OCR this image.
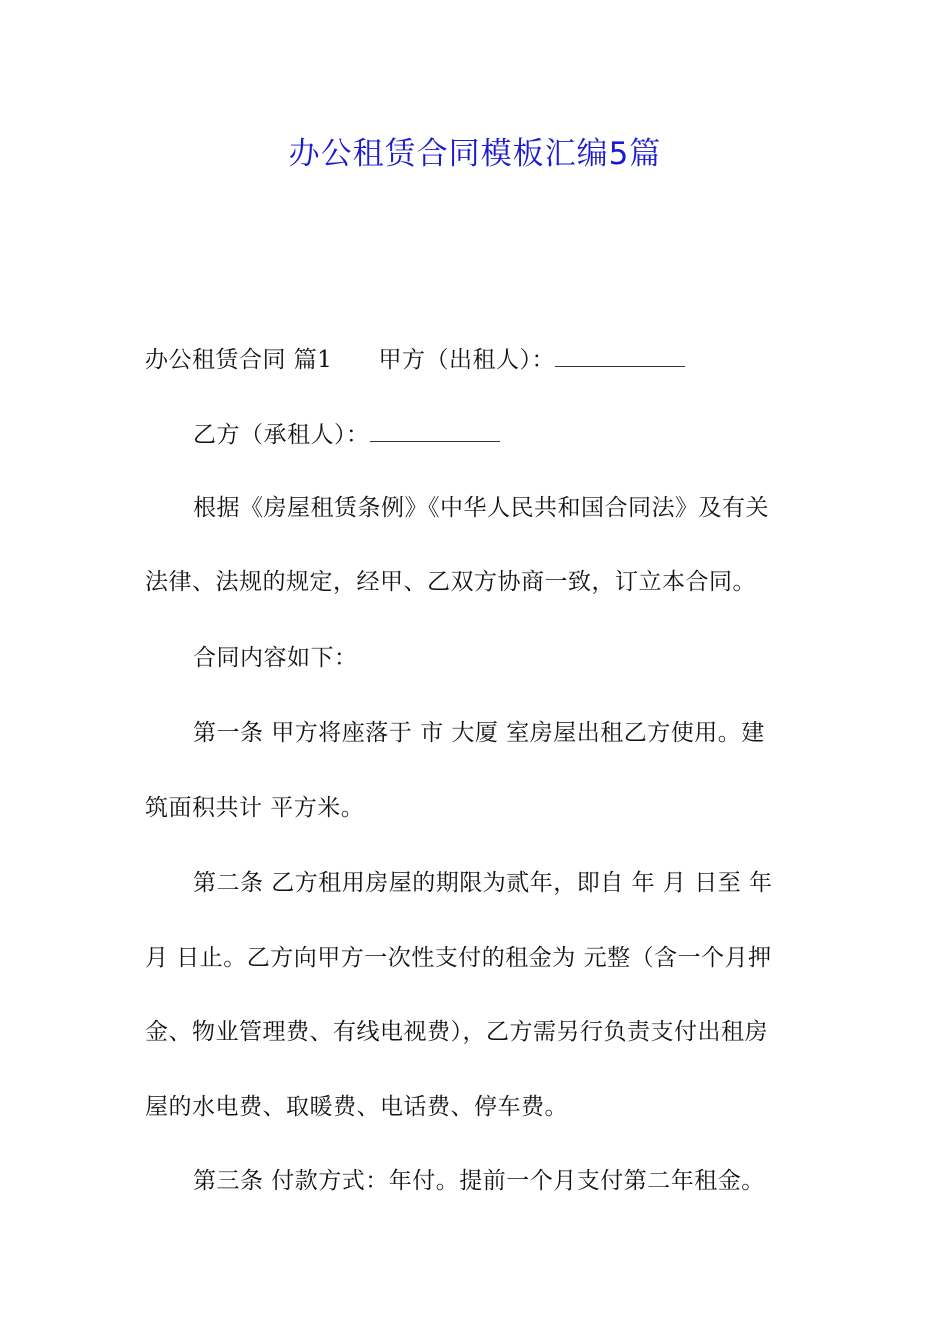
办公租赁合同模板汇编5篇
办公租赁合同 篇1 甲方（出租人）：
乙方（承租人）：
根据《房屋租赁条例》《中华人民共和国合同法》及有关
法律、法规的规定，经甲、乙双方协商一致，订立本合同。
合同内容如下：
第一条 甲方将座落于 市 大厦 室房屋出租乙方使用。建
筑面积共计 平方米。
第二条 乙方租用房屋的期限为贰年，即自 年 月 日至 年
月 日止。乙方向甲方一次性支付的租金为 元整（含一个月押
金、物业管理费、有线电视费），乙方需另行负责支付出租房
屋的水电费、取暖费、电话费、停车费。
第三条 付款方式：年付。提前一个月支付第二年租金。
